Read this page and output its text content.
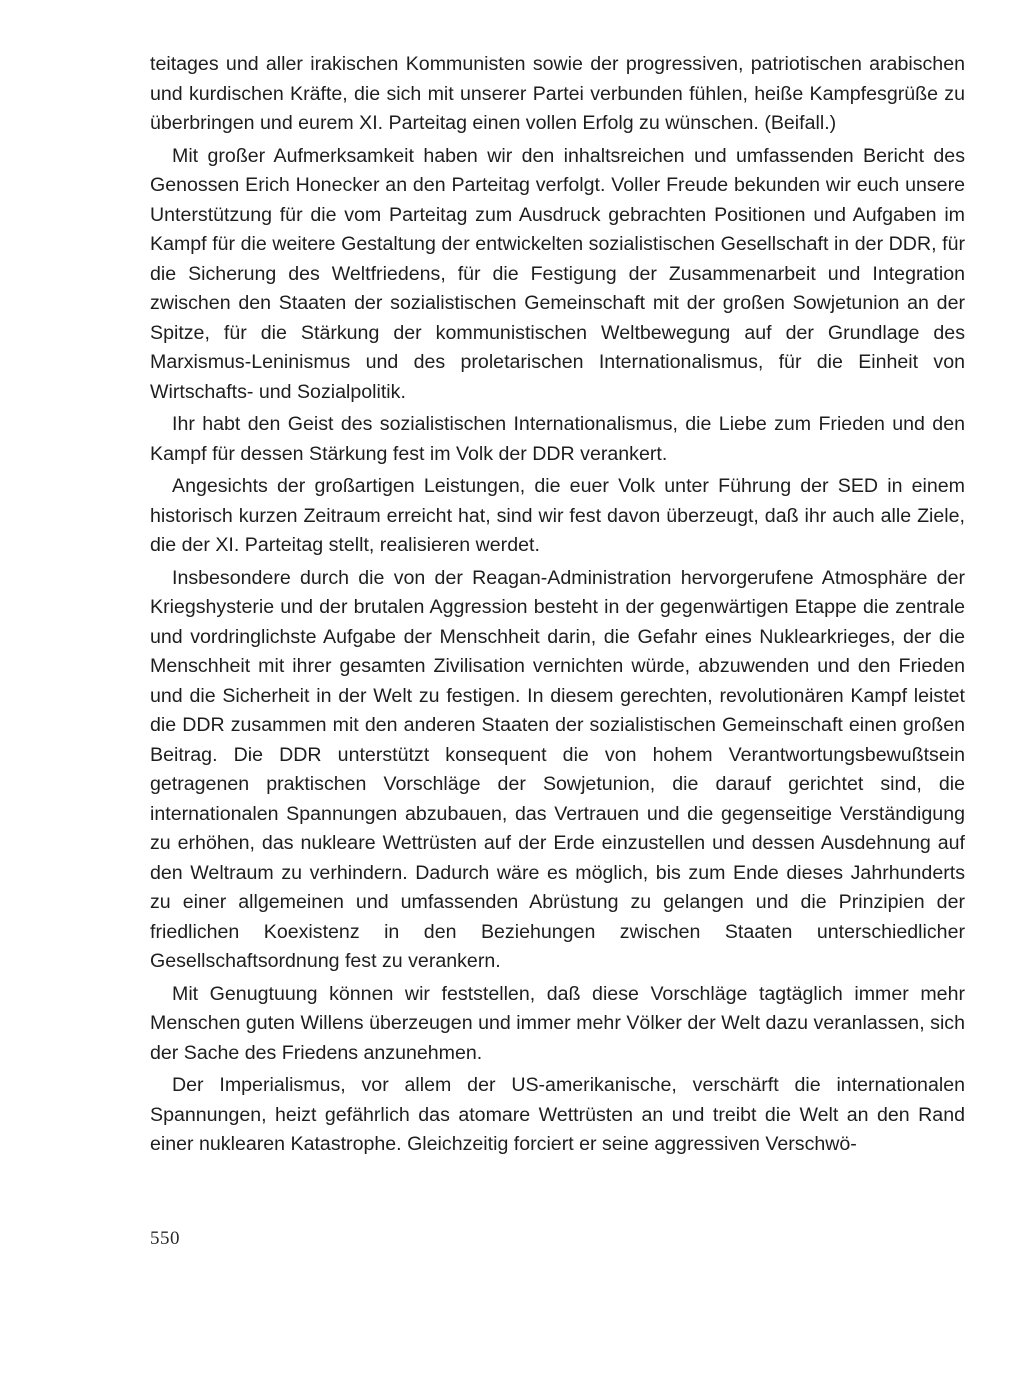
teitages und aller irakischen Kommunisten sowie der progressiven, patriotischen arabischen und kurdischen Kräfte, die sich mit unserer Partei verbunden fühlen, heiße Kampfesgrüße zu überbringen und eurem XI. Parteitag einen vollen Erfolg zu wünschen. (Beifall.)

Mit großer Aufmerksamkeit haben wir den inhaltsreichen und umfassenden Bericht des Genossen Erich Honecker an den Parteitag verfolgt. Voller Freude bekunden wir euch unsere Unterstützung für die vom Parteitag zum Ausdruck gebrachten Positionen und Aufgaben im Kampf für die weitere Gestaltung der entwickelten sozialistischen Gesellschaft in der DDR, für die Sicherung des Weltfriedens, für die Festigung der Zusammenarbeit und Integration zwischen den Staaten der sozialistischen Gemeinschaft mit der großen Sowjetunion an der Spitze, für die Stärkung der kommunistischen Weltbewegung auf der Grundlage des Marxismus-Leninismus und des proletarischen Internationalismus, für die Einheit von Wirtschafts- und Sozialpolitik.

Ihr habt den Geist des sozialistischen Internationalismus, die Liebe zum Frieden und den Kampf für dessen Stärkung fest im Volk der DDR verankert.

Angesichts der großartigen Leistungen, die euer Volk unter Führung der SED in einem historisch kurzen Zeitraum erreicht hat, sind wir fest davon überzeugt, daß ihr auch alle Ziele, die der XI. Parteitag stellt, realisieren werdet.

Insbesondere durch die von der Reagan-Administration hervorgerufene Atmosphäre der Kriegshysterie und der brutalen Aggression besteht in der gegenwärtigen Etappe die zentrale und vordringlichste Aufgabe der Menschheit darin, die Gefahr eines Nuklearkrieges, der die Menschheit mit ihrer gesamten Zivilisation vernichten würde, abzuwenden und den Frieden und die Sicherheit in der Welt zu festigen. In diesem gerechten, revolutionären Kampf leistet die DDR zusammen mit den anderen Staaten der sozialistischen Gemeinschaft einen großen Beitrag. Die DDR unterstützt konsequent die von hohem Verantwortungsbewußtsein getragenen praktischen Vorschläge der Sowjetunion, die darauf gerichtet sind, die internationalen Spannungen abzubauen, das Vertrauen und die gegenseitige Verständigung zu erhöhen, das nukleare Wettrüsten auf der Erde einzustellen und dessen Ausdehnung auf den Weltraum zu verhindern. Dadurch wäre es möglich, bis zum Ende dieses Jahrhunderts zu einer allgemeinen und umfassenden Abrüstung zu gelangen und die Prinzipien der friedlichen Koexistenz in den Beziehungen zwischen Staaten unterschiedlicher Gesellschaftsordnung fest zu verankern.

Mit Genugtuung können wir feststellen, daß diese Vorschläge tagtäglich immer mehr Menschen guten Willens überzeugen und immer mehr Völker der Welt dazu veranlassen, sich der Sache des Friedens anzunehmen.

Der Imperialismus, vor allem der US-amerikanische, verschärft die internationalen Spannungen, heizt gefährlich das atomare Wettrüsten an und treibt die Welt an den Rand einer nuklearen Katastrophe. Gleichzeitig forciert er seine aggressiven Verschwö-

550
